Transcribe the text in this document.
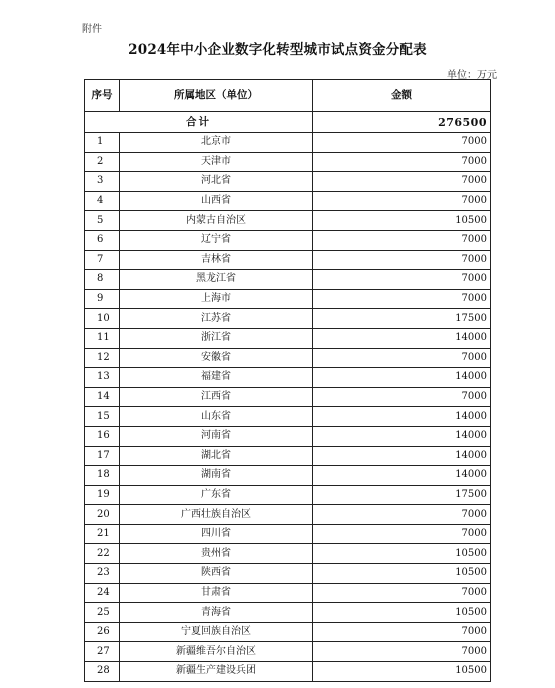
附件
2024年中小企业数字化转型城市试点资金分配表
单位：万元
序号	所属地区（单位）	金额
合计		276500
1	北京市	7000
2	天津市	7000
3	河北省	7000
4	山西省	7000
5	内蒙古自治区	10500
6	辽宁省	7000
7	吉林省	7000
8	黑龙江省	7000
9	上海市	7000
10	江苏省	17500
11	浙江省	14000
12	安徽省	7000
13	福建省	14000
14	江西省	7000
15	山东省	14000
16	河南省	14000
17	湖北省	14000
18	湖南省	14000
19	广东省	17500
20	广西壮族自治区	7000
21	四川省	7000
22	贵州省	10500
23	陕西省	10500
24	甘肃省	7000
25	青海省	10500
26	宁夏回族自治区	7000
27	新疆维吾尔自治区	7000
28	新疆生产建设兵团	10500
